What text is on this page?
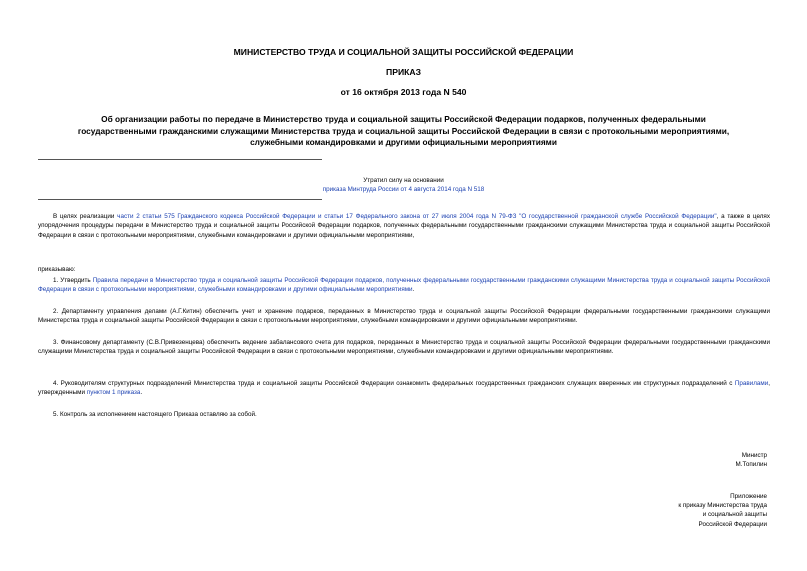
МИНИСТЕРСТВО ТРУДА И СОЦИАЛЬНОЙ ЗАЩИТЫ РОССИЙСКОЙ ФЕДЕРАЦИИ
ПРИКАЗ
от 16 октября 2013 года N 540
Об организации работы по передаче в Министерство труда и социальной защиты Российской Федерации подарков, полученных федеральными
государственными гражданскими служащими Министерства труда и социальной защиты Российской Федерации в связи с протокольными мероприятиями,
служебными командировками и другими официальными мероприятиями
Утратил силу на основании
приказа Минтруда России от 4 августа 2014 года N 518
В целях реализации части 2 статьи 575 Гражданского кодекса Российской Федерации и статьи 17 Федерального закона от 27 июля 2004 года N 79-ФЗ "О государственной гражданской службе Российской Федерации", а также в целях упорядочения процедуры передачи в Министерство труда и социальной защиты Российской Федерации подарков, полученных федеральными государственными гражданскими служащими Министерства труда и социальной защиты Российской Федерации в связи с протокольными мероприятиями, служебными командировками и другими официальными мероприятиями,
приказываю:
1. Утвердить Правила передачи в Министерство труда и социальной защиты Российской Федерации подарков, полученных федеральными государственными гражданскими служащими Министерства труда и социальной защиты Российской Федерации в связи с протокольными мероприятиями, служебными командировками и другими официальными мероприятиями.
2. Департаменту управления делами (А.Г.Китин) обеспечить учет и хранение подарков, переданных в Министерство труда и социальной защиты Российской Федерации федеральными государственными гражданскими служащими Министерства труда и социальной защиты Российской Федерации в связи с протокольными мероприятиями, служебными командировками и другими официальными мероприятиями.
3. Финансовому департаменту (С.В.Привезенцева) обеспечить ведение забалансового счета для подарков, переданных в Министерство труда и социальной защиты Российской Федерации федеральными государственными гражданскими служащими Министерства труда и социальной защиты Российской Федерации в связи с протокольными мероприятиями, служебными командировками и другими официальными мероприятиями.
4. Руководителям структурных подразделений Министерства труда и социальной защиты Российской Федерации ознакомить федеральных государственных гражданских служащих вверенных им структурных подразделений с Правилами, утвержденными пунктом 1 приказа.
5. Контроль за исполнением настоящего Приказа оставляю за собой.
Министр
М.Топилин
Приложение
к приказу Министерства труда
и социальной защиты
Российской Федерации
